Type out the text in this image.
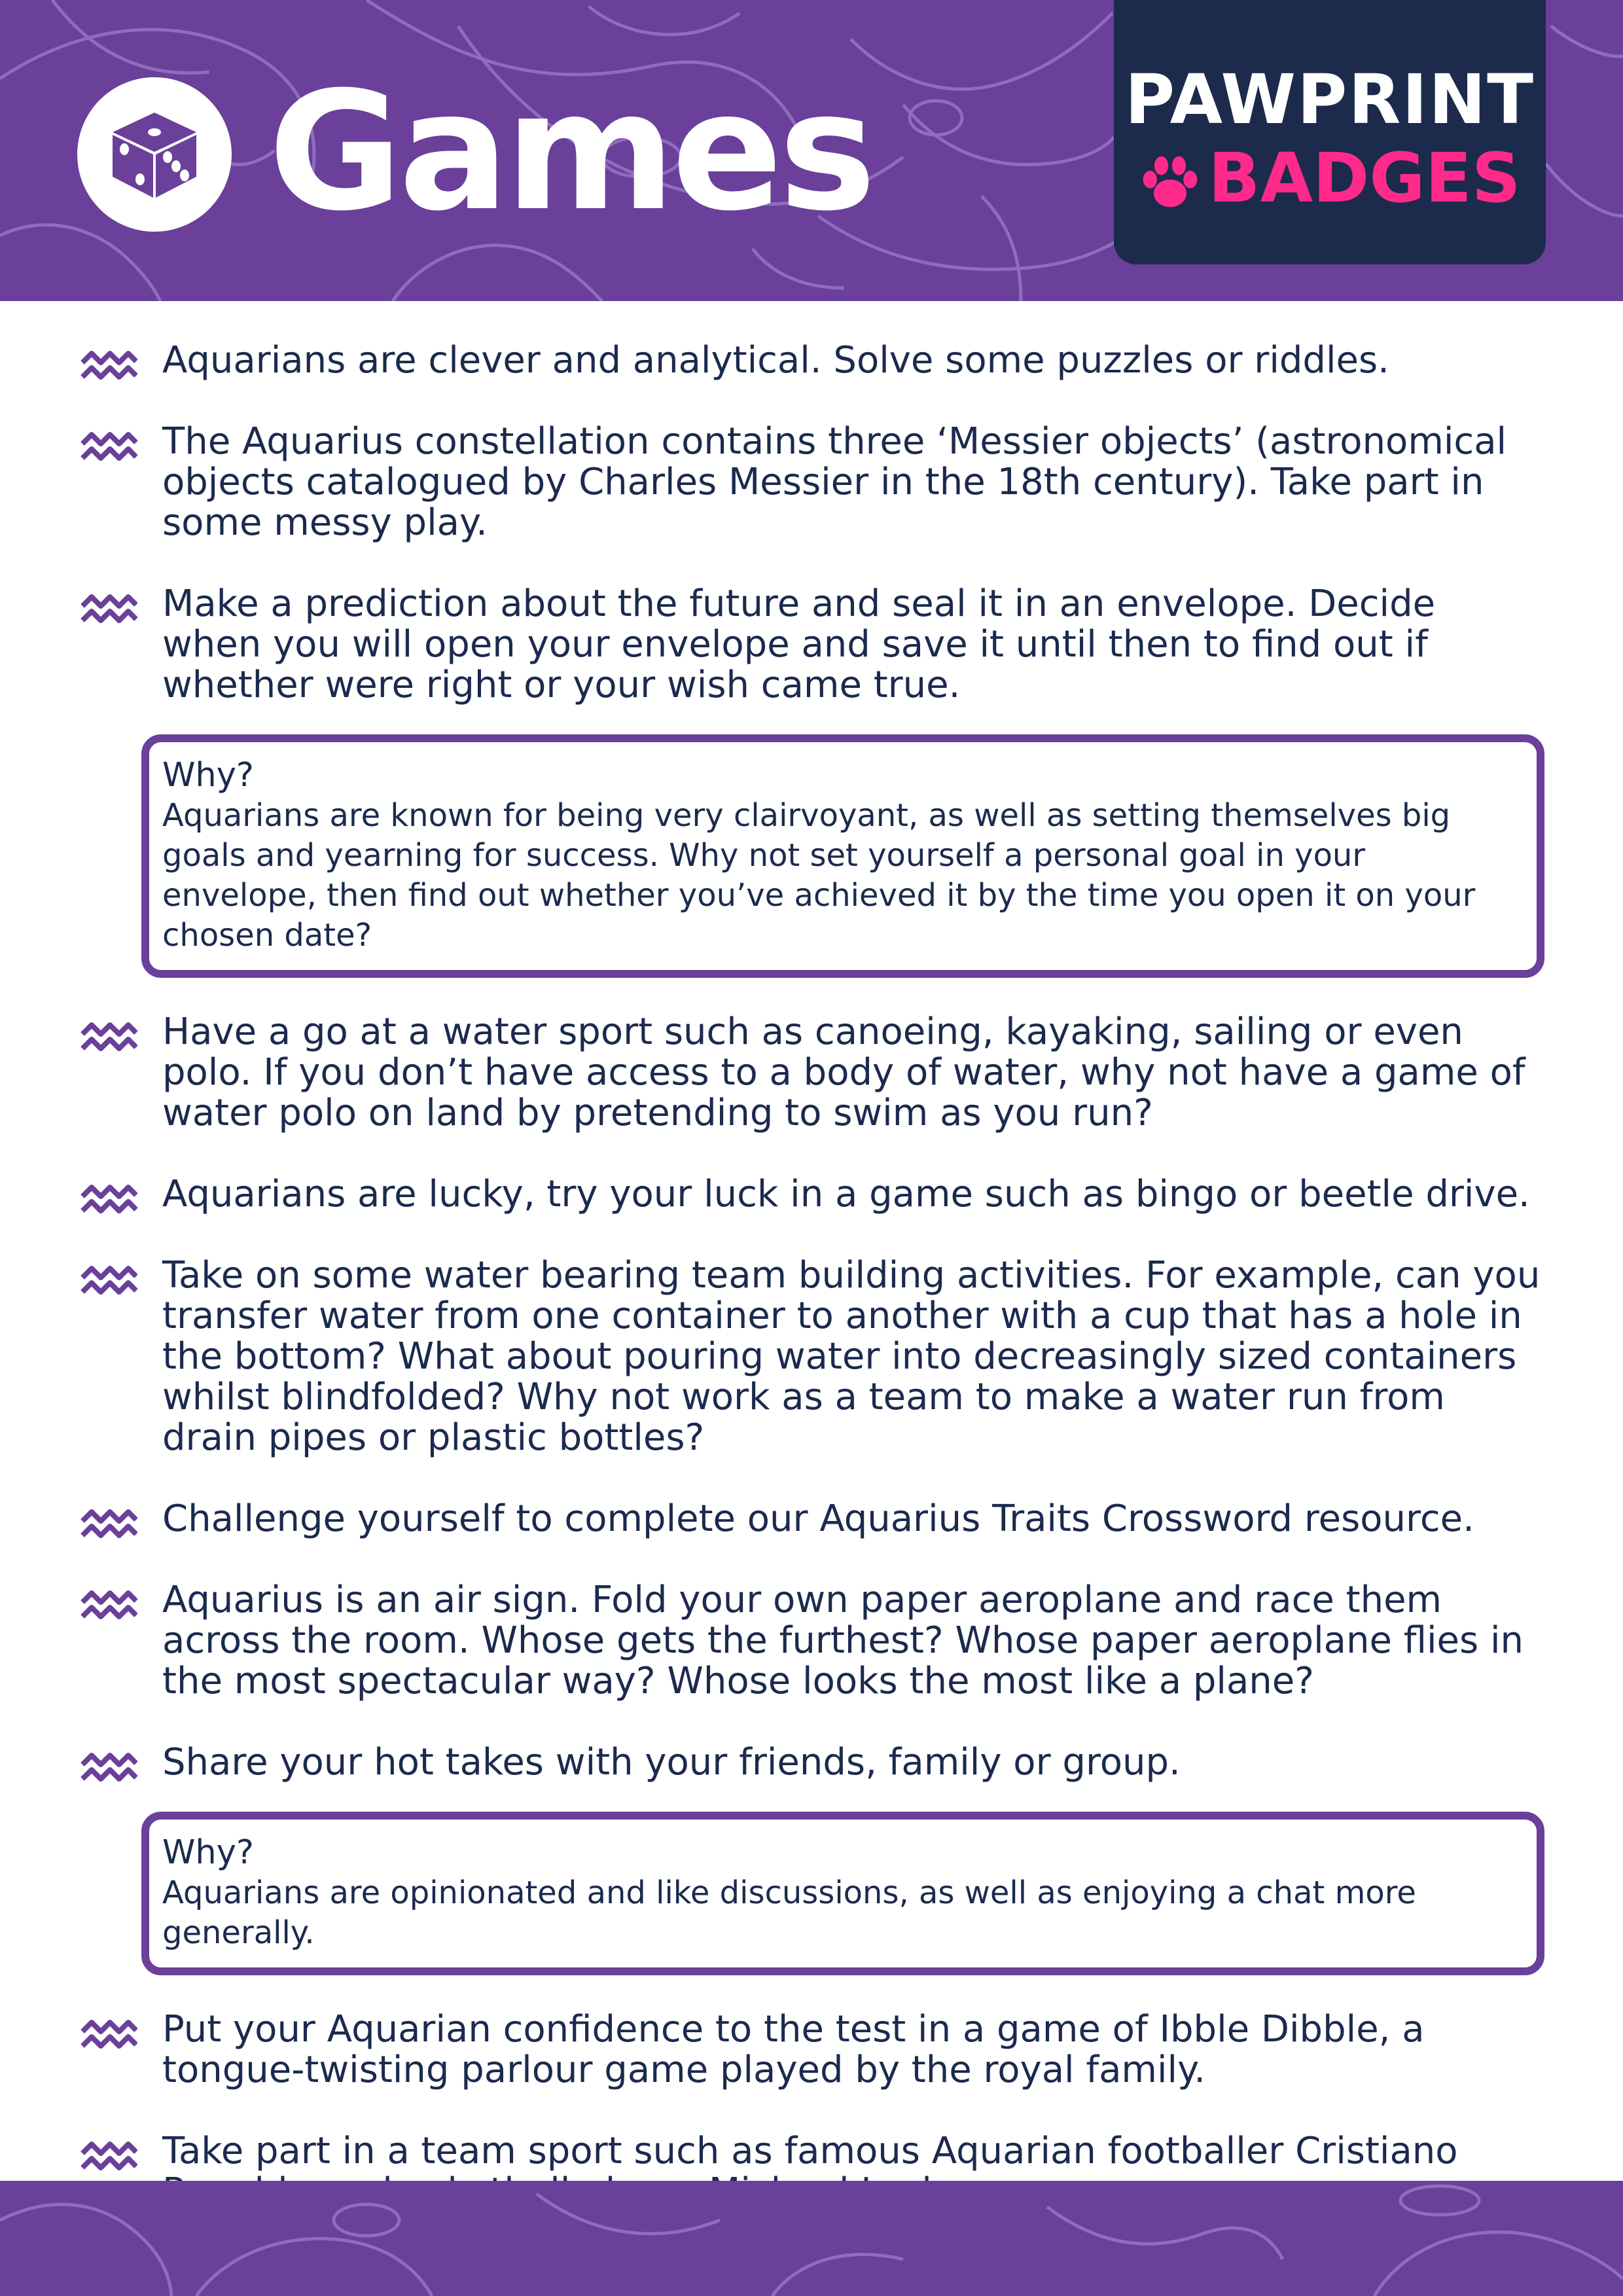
Games	PAWPRINT
BADGES
Aquarians are clever and analytical. Solve some puzzles or riddles.
The Aquarius constellation contains three ‘Messier objects’ (astronomical objects catalogued by Charles Messier in the 18th century). Take part in some messy play.
Make a prediction about the future and seal it in an envelope. Decide when you will open your envelope and save it until then to find out if whether were right or your wish came true.
Why?
Aquarians are known for being very clairvoyant, as well as setting themselves big goals and yearning for success. Why not set yourself a personal goal in your envelope, then find out whether you’ve achieved it by the time you open it on your chosen date?
Have a go at a water sport such as canoeing, kayaking, sailing or even polo. If you don’t have access to a body of water, why not have a game of water polo on land by pretending to swim as you run?
Aquarians are lucky, try your luck in a game such as bingo or beetle drive.
Take on some water bearing team building activities. For example, can you transfer water from one container to another with a cup that has a hole in the bottom? What about pouring water into decreasingly sized containers whilst blindfolded? Why not work as a team to make a water run from drain pipes or plastic bottles?
Challenge yourself to complete our Aquarius Traits Crossword resource.
Aquarius is an air sign. Fold your own paper aeroplane and race them across the room. Whose gets the furthest? Whose paper aeroplane flies in the most spectacular way? Whose looks the most like a plane?
Share your hot takes with your friends, family or group.
Why?
Aquarians are opinionated and like discussions, as well as enjoying a chat more generally.
Put your Aquarian confidence to the test in a game of Ibble Dibble, a tongue-twisting parlour game played by the royal family.
Take part in a team sport such as famous Aquarian footballer Cristiano
